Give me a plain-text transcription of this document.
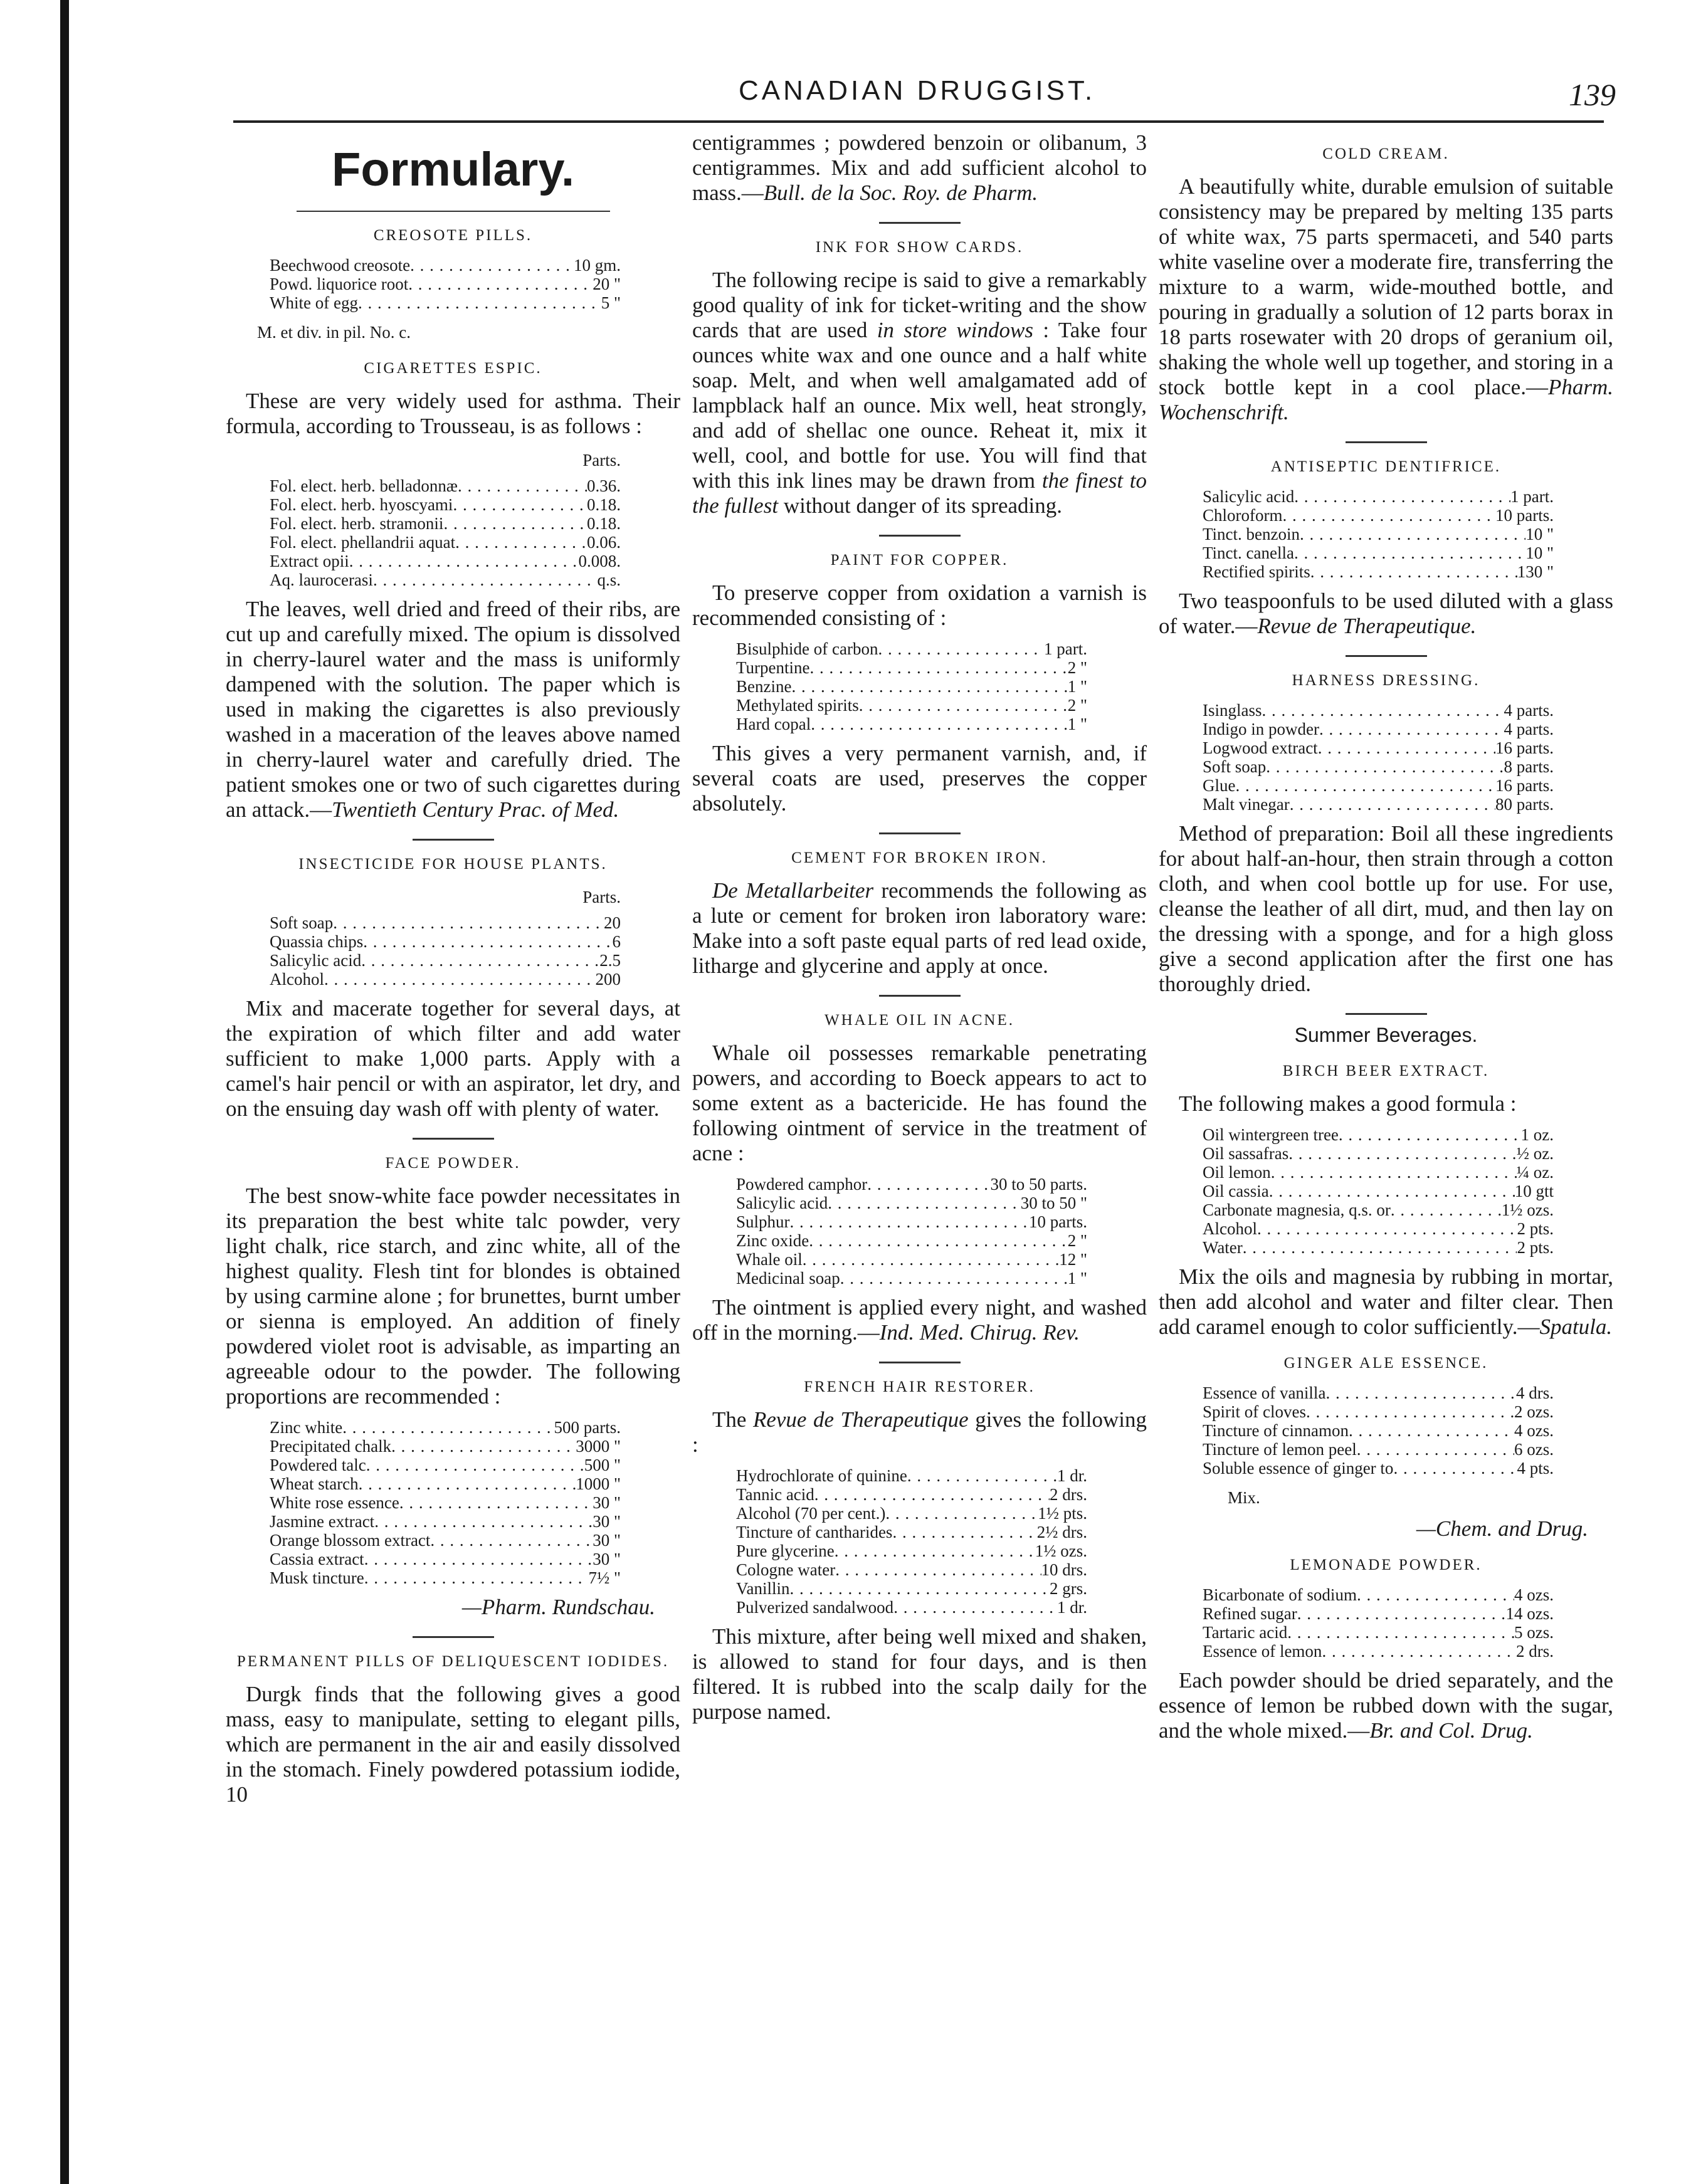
CANADIAN DRUGGIST.	139
Formulary.
CREOSOTE PILLS.
Beechwood creosote . . .	10 gm.
Powd. liquorice root . . .	20 "
White of egg . . .	5 "
M. et div. in pil. No. c.
CIGARETTES ESPIC.

These are very widely used for asthma. Their formula, according to Trousseau, is as follows :

Parts.
Fol. elect. herb. belladonnæ . . .	0.36.
Fol. elect. herb. hyoscyami . . .	0.18.
Fol. elect. herb. stramonii . . .	0.18.
Fol. elect. phellandrii aquat . . .	0.06.
Extract opii . . .	0.008.
Aq. laurocerasi . . .	q.s.

The leaves, well dried and freed of their ribs, are cut up and carefully mixed. The opium is dissolved in cherry-laurel water and the mass is uniformly dampened with the solution. The paper which is used in making the cigarettes is also previously washed in a maceration of the leaves above named in cherry-laurel water and carefully dried. The patient smokes one or two of such cigarettes during an attack.—Twentieth Century Prac. of Med.

INSECTICIDE FOR HOUSE PLANTS.
Parts.
Soft soap . . .	20
Quassia chips . . .	6
Salicylic acid . . .	2.5
Alcohol . . .	200

Mix and macerate together for several days, at the expiration of which filter and add water sufficient to make 1,000 parts. Apply with a camel's hair pencil or with an aspirator, let dry, and on the ensuing day wash off with plenty of water.

FACE POWDER.

The best snow-white face powder necessitates in its preparation the best white talc powder, very light chalk, rice starch, and zinc white, all of the highest quality. Flesh tint for blondes is obtained by using carmine alone ; for brunettes, burnt umber or sienna is employed. An addition of finely powdered violet root is advisable, as imparting an agreeable odour to the powder. The following proportions are recommended :

Zinc white . . .	500 parts.
Precipitated chalk . . .	3000 "
Powdered talc . . .	500 "
Wheat starch . . .	1000 "
White rose essence . . .	30 "
Jasmine extract . . .	30 "
Orange blossom extract . . .	30 "
Cassia extract . . .	30 "
Musk tincture . . .	7½ "
—Pharm. Rundschau.
PERMANENT PILLS OF DELIQUESCENT IODIDES.

Durgk finds that the following gives a good mass, easy to manipulate, setting to elegant pills, which are permanent in the air and easily dissolved in the stomach. Finely powdered potassium iodide, 10

centigrammes ; powdered benzoin or olibanum, 3 centigrammes. Mix and add sufficient alcohol to mass.—Bull. de la Soc. Roy. de Pharm.

INK FOR SHOW CARDS.

The following recipe is said to give a remarkably good quality of ink for ticket-writing and the show cards that are used in store windows : Take four ounces white wax and one ounce and a half white soap. Melt, and when well amalgamated add of lampblack half an ounce. Mix well, heat strongly, and add of shellac one ounce. Reheat it, mix it well, cool, and bottle for use. You will find that with this ink lines may be drawn from the finest to the fullest without danger of its spreading.

PAINT FOR COPPER.

To preserve copper from oxidation a varnish is recommended consisting of :

Bisulphide of carbon . . .	1 part.
Turpentine . . .	2 "
Benzine . . .	1 "
Methylated spirits . . .	2 "
Hard copal . . .	1 "

This gives a very permanent varnish, and, if several coats are used, preserves the copper absolutely.

CEMENT FOR BROKEN IRON.

De Metallarbeiter recommends the following as a lute or cement for broken iron laboratory ware: Make into a soft paste equal parts of red lead oxide, litharge and glycerine and apply at once.

WHALE OIL IN ACNE.

Whale oil possesses remarkable penetrating powers, and according to Boeck appears to act to some extent as a bactericide. He has found the following ointment of service in the treatment of acne :

Powdered camphor . . .	30 to 50 parts.
Salicylic acid . . .	30 to 50 "
Sulphur . . .	10 parts.
Zinc oxide . . .	2 "
Whale oil . . .	12 "
Medicinal soap . . .	1 "

The ointment is applied every night, and washed off in the morning.—Ind. Med. Chirug. Rev.

FRENCH HAIR RESTORER.

The Revue de Therapeutique gives the following :

Hydrochlorate of quinine . . .	1 dr.
Tannic acid . . .	2 drs.
Alcohol (70 per cent.) . . .	1½ pts.
Tincture of cantharides . . .	2½ drs.
Pure glycerine . . .	1½ ozs.
Cologne water . . .	10 drs.
Vanillin . . .	2 grs.
Pulverized sandalwood . . .	1 dr.

This mixture, after being well mixed and shaken, is allowed to stand for four days, and is then filtered. It is rubbed into the scalp daily for the purpose named.

COLD CREAM.

A beautifully white, durable emulsion of suitable consistency may be prepared by melting 135 parts of white wax, 75 parts spermaceti, and 540 parts white vaseline over a moderate fire, transferring the mixture to a warm, wide-mouthed bottle, and pouring in gradually a solution of 12 parts borax in 18 parts rosewater with 20 drops of geranium oil, shaking the whole well up together, and storing in a stock bottle kept in a cool place.—Pharm. Wochenschrift.

ANTISEPTIC DENTIFRICE.
Salicylic acid . . .	1 part.
Chloroform . . .	10 parts.
Tinct. benzoin . . .	10 "
Tinct. canella . . .	10 "
Rectified spirits . . .	130 "

Two teaspoonfuls to be used diluted with a glass of water.—Revue de Therapeutique.

HARNESS DRESSING.
Isinglass . . .	4 parts.
Indigo in powder . . .	4 parts.
Logwood extract . . .	16 parts.
Soft soap . . .	8 parts.
Glue . . .	16 parts.
Malt vinegar . . .	80 parts.

Method of preparation: Boil all these ingredients for about half-an-hour, then strain through a cotton cloth, and when cool bottle up for use. For use, cleanse the leather of all dirt, mud, and then lay on the dressing with a sponge, and for a high gloss give a second application after the first one has thoroughly dried.

Summer Beverages.
BIRCH BEER EXTRACT.

The following makes a good formula :

Oil wintergreen tree . . .	1 oz.
Oil sassafras . . .	½ oz.
Oil lemon . . .	¼ oz.
Oil cassia . . .	10 gtt
Carbonate magnesia, q.s. or . . .	1½ ozs.
Alcohol . . .	2 pts.
Water . . .	2 pts.

Mix the oils and magnesia by rubbing in mortar, then add alcohol and water and filter clear. Then add caramel enough to color sufficiently.—Spatula.

GINGER ALE ESSENCE.
Essence of vanilla . . .	4 drs.
Spirit of cloves . . .	2 ozs.
Tincture of cinnamon . . .	4 ozs.
Tincture of lemon peel . . .	6 ozs.
Soluble essence of ginger to . . .	4 pts.
Mix.
—Chem. and Drug.
LEMONADE POWDER.
Bicarbonate of sodium . . .	4 ozs.
Refined sugar . . .	14 ozs.
Tartaric acid . . .	5 ozs.
Essence of lemon . . .	2 drs.

Each powder should be dried separately, and the essence of lemon be rubbed down with the sugar, and the whole mixed.—Br. and Col. Drug.
